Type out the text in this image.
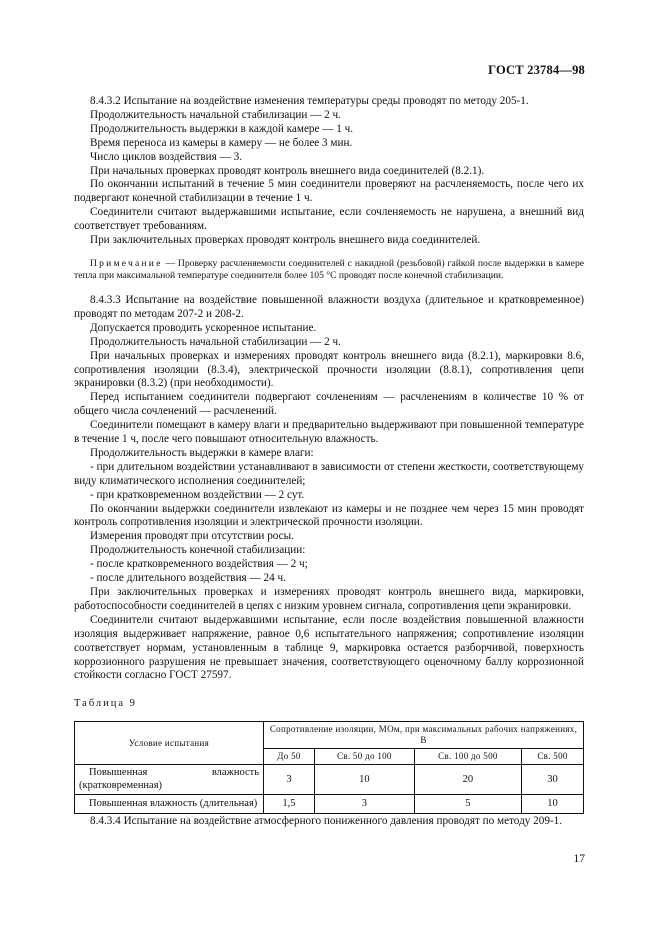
ГОСТ 23784—98

8.4.3.2 Испытание на воздействие изменения температуры среды проводят по методу 205-1.

Продолжительность начальной стабилизации — 2 ч.

Продолжительность выдержки в каждой камере — 1 ч.

Время переноса из камеры в камеру — не более 3 мин.

Число циклов воздействия — 3.

При начальных проверках проводят контроль внешнего вида соединителей (8.2.1).

По окончании испытаний в течение 5 мин соединители проверяют на расчленяемость, после чего их подвергают конечной стабилизации в течение 1 ч.

Соединители считают выдержавшими испытание, если сочленяемость не нарушена, а внешний вид соответствует требованиям.

При заключительных проверках проводят контроль внешнего вида соединителей.

Примечание — Проверку расчленяемости соединителей с накидной (резьбовой) гайкой после выдержки в камере тепла при максимальной температуре соединителя более 105 °С проводят после конечной стабилизации.

8.4.3.3 Испытание на воздействие повышенной влажности воздуха (длительное и кратковременное) проводят по методам 207-2 и 208-2.

Допускается проводить ускоренное испытание.

Продолжительность начальной стабилизации — 2 ч.

При начальных проверках и измерениях проводят контроль внешнего вида (8.2.1), маркировки 8.6, сопротивления изоляции (8.3.4), электрической прочности изоляции (8.8.1), сопротивления цепи экранировки (8.3.2) (при необходимости).

Перед испытанием соединители подвергают сочленениям — расчленениям в количестве 10 % от общего числа сочленений — расчленений.

Соединители помещают в камеру влаги и предварительно выдерживают при повышенной температуре в течение 1 ч, после чего повышают относительную влажность.

Продолжительность выдержки в камере влаги:

- при длительном воздействии устанавливают в зависимости от степени жесткости, соответствующему виду климатического исполнения соединителей;

- при кратковременном воздействии — 2 сут.

По окончании выдержки соединители извлекают из камеры и не позднее чем через 15 мин проводят контроль сопротивления изоляции и электрической прочности изоляции.

Измерения проводят при отсутствии росы.

Продолжительность конечной стабилизации:

- после кратковременного воздействия — 2 ч;

- после длительного воздействия — 24 ч.

При заключительных проверках и измерениях проводят контроль внешнего вида, маркировки, работоспособности соединителей в цепях с низким уровнем сигнала, сопротивления цепи экранировки.

Соединители считают выдержавшими испытание, если после воздействия повышенной влажности изоляция выдерживает напряжение, равное 0,6 испытательного напряжения; сопротивление изоляции соответствует нормам, установленным в таблице 9, маркировка остается разборчивой, поверхность коррозионного разрушения не превышает значения, соответствующего оценочному баллу коррозионной стойкости согласно ГОСТ 27597.

Таблица 9
Условие испытания	Сопротивление изоляции, МОм, при максимальных рабочих напряжениях, В			
	До 50	Св. 50 до 100	Св. 100 до 500	Св. 500
Повышенная влажность (кратковременная)	3	10	20	30
Повышенная влажность (длительная)	1,5	3	5	10

8.4.3.4 Испытание на воздействие атмосферного пониженного давления проводят по методу 209-1.

17
